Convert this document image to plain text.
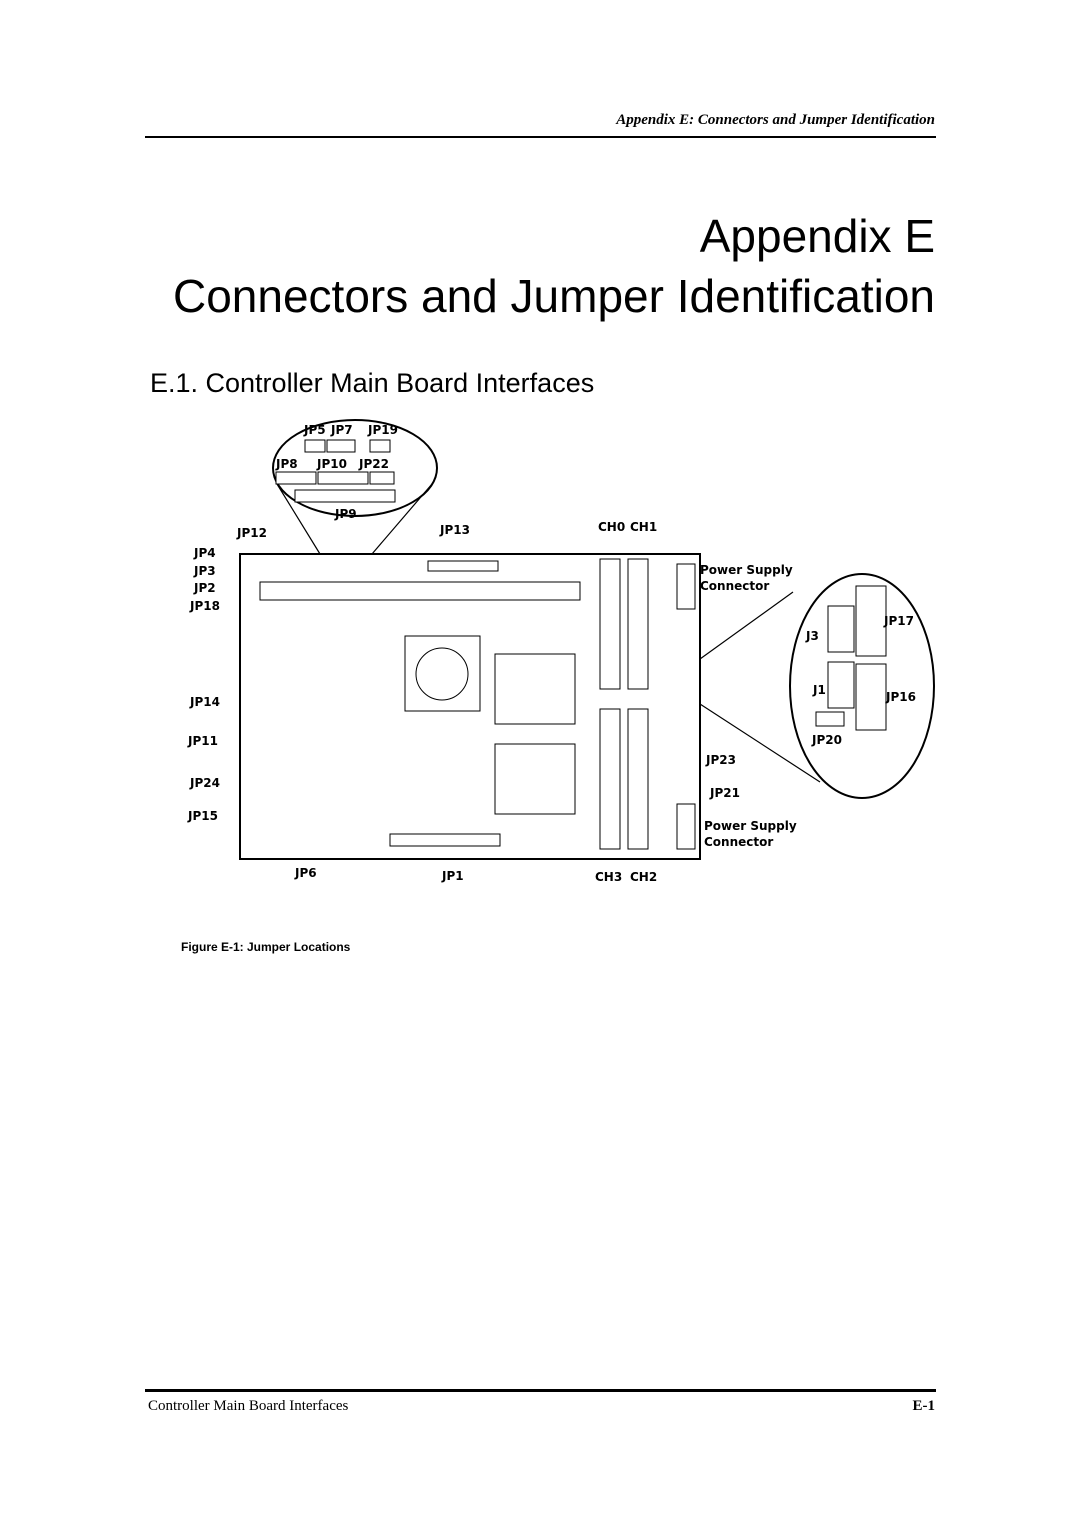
Appendix E: Connectors and Jumper Identification
Appendix E
Connectors and Jumper Identification
E.1. Controller Main Board Interfaces
JP5 JP7 JP19
JP8 JP10 JP22
JP9
JP12	JP13	CH0 CH1
JP4
JP3
JP2
JP18
JP14
JP11
JP24
JP15
JP6	JP1	CH3 CH2
Power Supply
Connector
J3
JP17
J1	JP16
JP20
JP23
JP21
Power Supply
Connector
Figure E-1: Jumper Locations
Controller Main Board Interfaces	E-1
